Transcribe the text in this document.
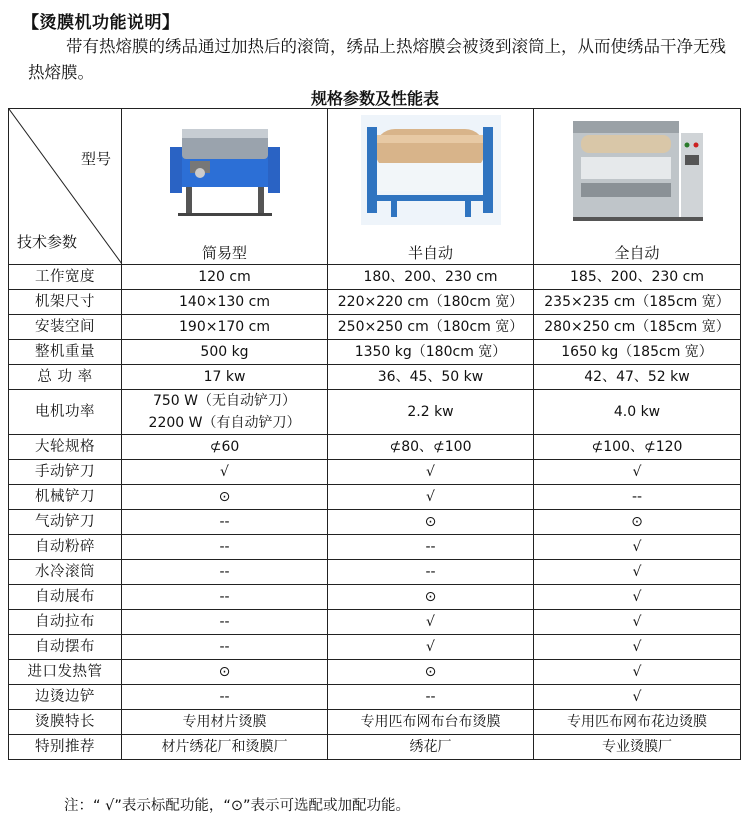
【烫膜机功能说明】
带有热熔膜的绣品通过加热后的滚筒，绣品上热熔膜会被烫到滚筒上，从而使绣品干净无残热熔膜。
规格参数及性能表
型号
技术参数	简易型	半自动	全自动

工作宽度	120 cm	180、200、230 cm	185、200、230 cm
机架尺寸	140×130 cm	220×220 cm（180cm 宽）	235×235 cm（185cm 宽）
安装空间	190×170 cm	250×250 cm（180cm 宽）	280×250 cm（185cm 宽）
整机重量	500 kg	1350 kg（180cm 宽）	1650 kg（185cm 宽）
总 功 率	17 kw	36、45、50 kw	42、47、52 kw
电机功率	750 W（无自动铲刀）
2200 W（有自动铲刀）	2.2 kw	4.0 kw
大轮规格	⊄60	⊄80、⊄100	⊄100、⊄120
手动铲刀	√	√	√
机械铲刀	⊙	√	--
气动铲刀	--	⊙	⊙
自动粉碎	--	--	√
水冷滚筒	--	--	√
自动展布	--	⊙	√
自动拉布	--	√	√
自动摆布	--	√	√
进口发热管	⊙	⊙	√
边烫边铲	--	--	√
烫膜特长	专用材片烫膜	专用匹布网布台布烫膜	专用匹布网布花边烫膜
特别推荐	材片绣花厂和烫膜厂	绣花厂	专业烫膜厂
注：“ √”表示标配功能，“⊙”表示可选配或加配功能。
